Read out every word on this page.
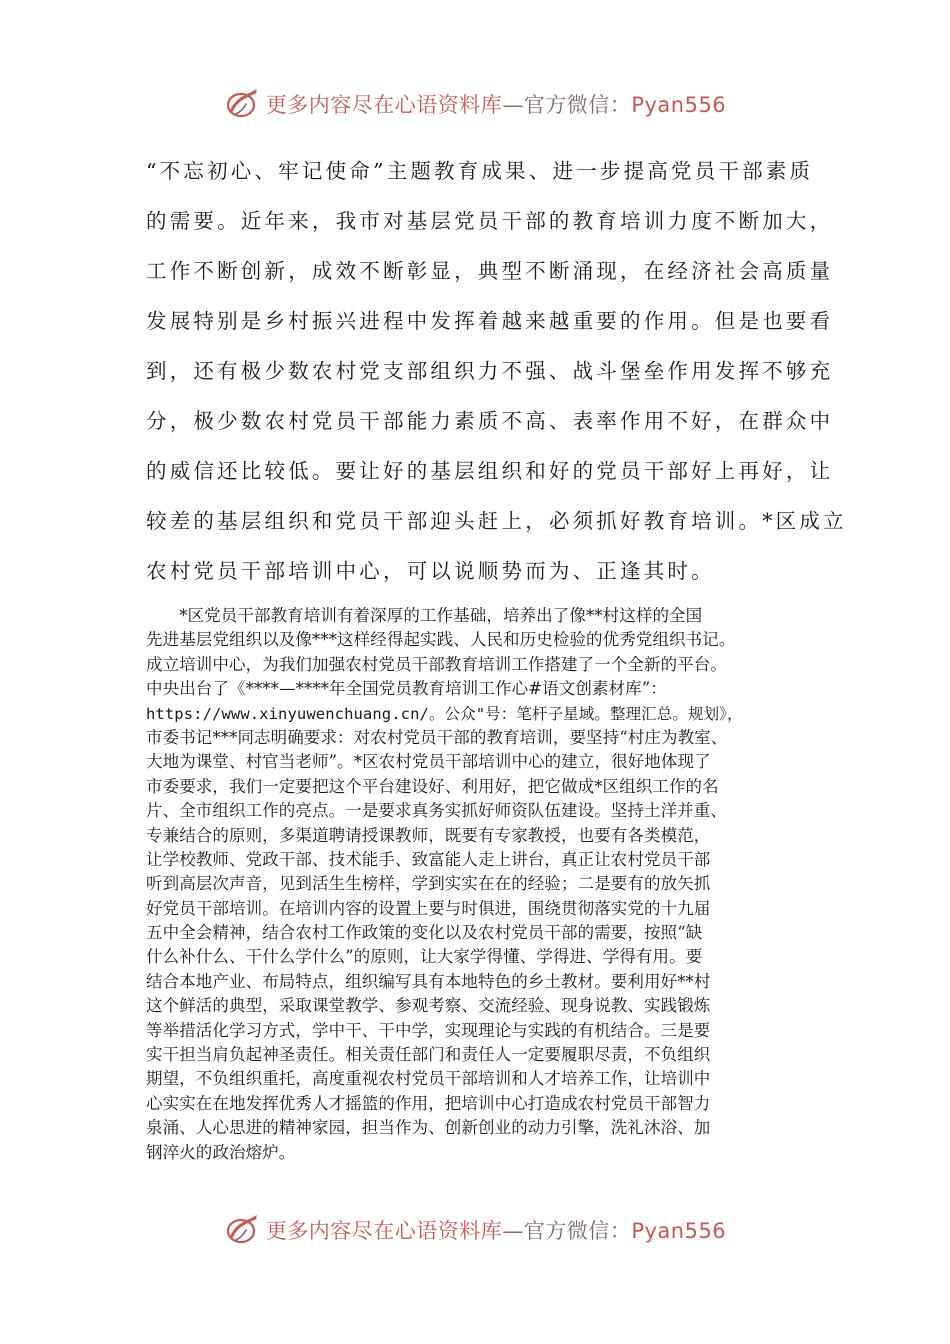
更多内容尽在心语资料库—官方微信：Pyan556
“不忘初心、牢记使命”主题教育成果、进一步提高党员干部素质
的需要。近年来，我市对基层党员干部的教育培训力度不断加大，
工作不断创新，成效不断彰显，典型不断涌现，在经济社会高质量
发展特别是乡村振兴进程中发挥着越来越重要的作用。但是也要看
到，还有极少数农村党支部组织力不强、战斗堡垒作用发挥不够充
分，极少数农村党员干部能力素质不高、表率作用不好，在群众中
的威信还比较低。要让好的基层组织和好的党员干部好上再好，让
较差的基层组织和党员干部迎头赶上，必须抓好教育培训。*区成立
农村党员干部培训中心，可以说顺势而为、正逢其时。
　　*区党员干部教育培训有着深厚的工作基础，培养出了像**村这样的全国
先进基层党组织以及像***这样经得起实践、人民和历史检验的优秀党组织书记。
成立培训中心，为我们加强农村党员干部教育培训工作搭建了一个全新的平台。
中央出台了《****—****年全国党员教育培训工作心#语文创素材库”：
https://www.xinyuwenchuang.cn/。公众"号：笔杆子星域。整理汇总。规划》，
市委书记***同志明确要求：对农村党员干部的教育培训，要坚持“村庄为教室、
大地为课堂、村官当老师”。*区农村党员干部培训中心的建立，很好地体现了
市委要求，我们一定要把这个平台建设好、利用好，把它做成*区组织工作的名
片、全市组织工作的亮点。一是要求真务实抓好师资队伍建设。坚持土洋并重、
专兼结合的原则，多渠道聘请授课教师，既要有专家教授，也要有各类模范，
让学校教师、党政干部、技术能手、致富能人走上讲台，真正让农村党员干部
听到高层次声音，见到活生生榜样，学到实实在在的经验；二是要有的放矢抓
好党员干部培训。在培训内容的设置上要与时俱进，围绕贯彻落实党的十九届
五中全会精神，结合农村工作政策的变化以及农村党员干部的需要，按照“缺
什么补什么、干什么学什么”的原则，让大家学得懂、学得进、学得有用。要
结合本地产业、布局特点，组织编写具有本地特色的乡土教材。要利用好**村
这个鲜活的典型，采取课堂教学、参观考察、交流经验、现身说教、实践锻炼
等举措活化学习方式，学中干、干中学，实现理论与实践的有机结合。三是要
实干担当肩负起神圣责任。相关责任部门和责任人一定要履职尽责，不负组织
期望，不负组织重托，高度重视农村党员干部培训和人才培养工作，让培训中
心实实在在地发挥优秀人才摇篮的作用，把培训中心打造成农村党员干部智力
泉涌、人心思进的精神家园，担当作为、创新创业的动力引擎，洗礼沐浴、加
钢淬火的政治熔炉。
更多内容尽在心语资料库—官方微信：Pyan556
